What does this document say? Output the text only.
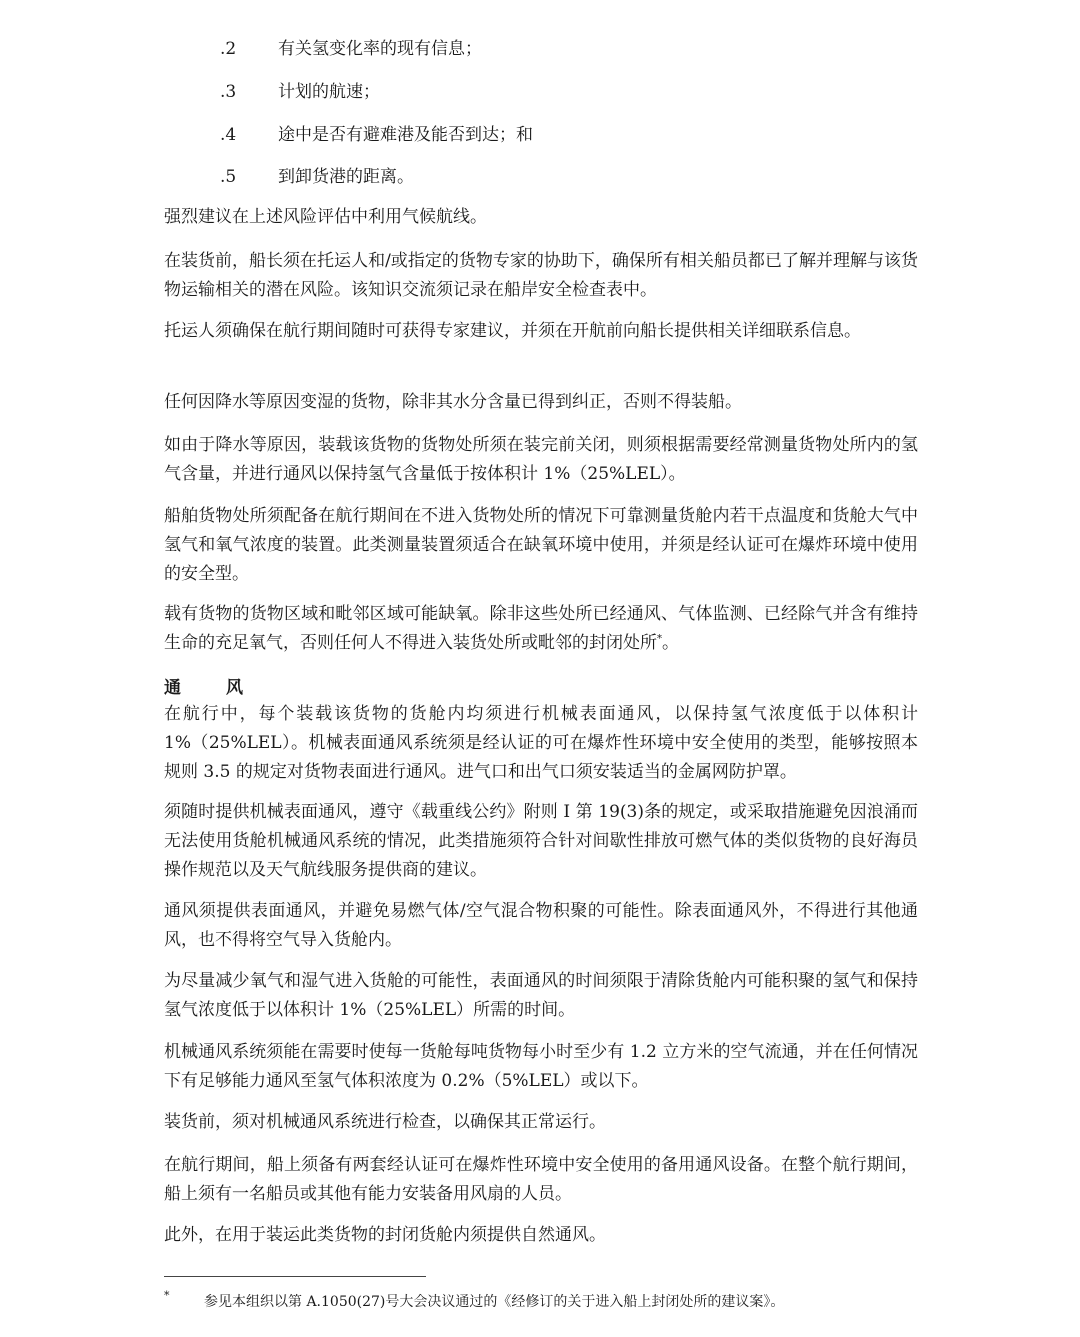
.2 有关氢变化率的现有信息；
.3 计划的航速；
.4 途中是否有避难港及能否到达；和
.5 到卸货港的距离。

强烈建议在上述风险评估中利用气候航线。

在装货前，船长须在托运人和/或指定的货物专家的协助下，确保所有相关船员都已了解并理解与该货物运输相关的潜在风险。该知识交流须记录在船岸安全检查表中。

托运人须确保在航行期间随时可获得专家建议，并须在开航前向船长提供相关详细联系信息。

任何因降水等原因变湿的货物，除非其水分含量已得到纠正，否则不得装船。

如由于降水等原因，装载该货物的货物处所须在装完前关闭，则须根据需要经常测量货物处所内的氢气含量，并进行通风以保持氢气含量低于按体积计 1%（25%LEL）。

船舶货物处所须配备在航行期间在不进入货物处所的情况下可靠测量货舱内若干点温度和货舱大气中氢气和氧气浓度的装置。此类测量装置须适合在缺氧环境中使用，并须是经认证可在爆炸环境中使用的安全型。

载有货物的货物区域和毗邻区域可能缺氧。除非这些处所已经通风、气体监测、已经除气并含有维持生命的充足氧气，否则任何人不得进入装货处所或毗邻的封闭处所*。

通风

在航行中，每个装载该货物的货舱内均须进行机械表面通风，以保持氢气浓度低于以体积计 1%（25%LEL）。机械表面通风系统须是经认证的可在爆炸性环境中安全使用的类型，能够按照本规则 3.5 的规定对货物表面进行通风。进气口和出气口须安装适当的金属网防护罩。

须随时提供机械表面通风，遵守《载重线公约》附则 I 第 19(3)条的规定，或采取措施避免因浪涌而无法使用货舱机械通风系统的情况，此类措施须符合针对间歇性排放可燃气体的类似货物的良好海员操作规范以及天气航线服务提供商的建议。

通风须提供表面通风，并避免易燃气体/空气混合物积聚的可能性。除表面通风外，不得进行其他通风，也不得将空气导入货舱内。

为尽量减少氧气和湿气进入货舱的可能性，表面通风的时间须限于清除货舱内可能积聚的氢气和保持氢气浓度低于以体积计 1%（25%LEL）所需的时间。

机械通风系统须能在需要时使每一货舱每吨货物每小时至少有 1.2 立方米的空气流通，并在任何情况下有足够能力通风至氢气体积浓度为 0.2%（5%LEL）或以下。

装货前，须对机械通风系统进行检查，以确保其正常运行。

在航行期间，船上须备有两套经认证可在爆炸性环境中安全使用的备用通风设备。在整个航行期间，船上须有一名船员或其他有能力安装备用风扇的人员。

此外，在用于装运此类货物的封闭货舱内须提供自然通风。

* 参见本组织以第 A.1050(27)号大会决议通过的《经修订的关于进入船上封闭处所的建议案》。
